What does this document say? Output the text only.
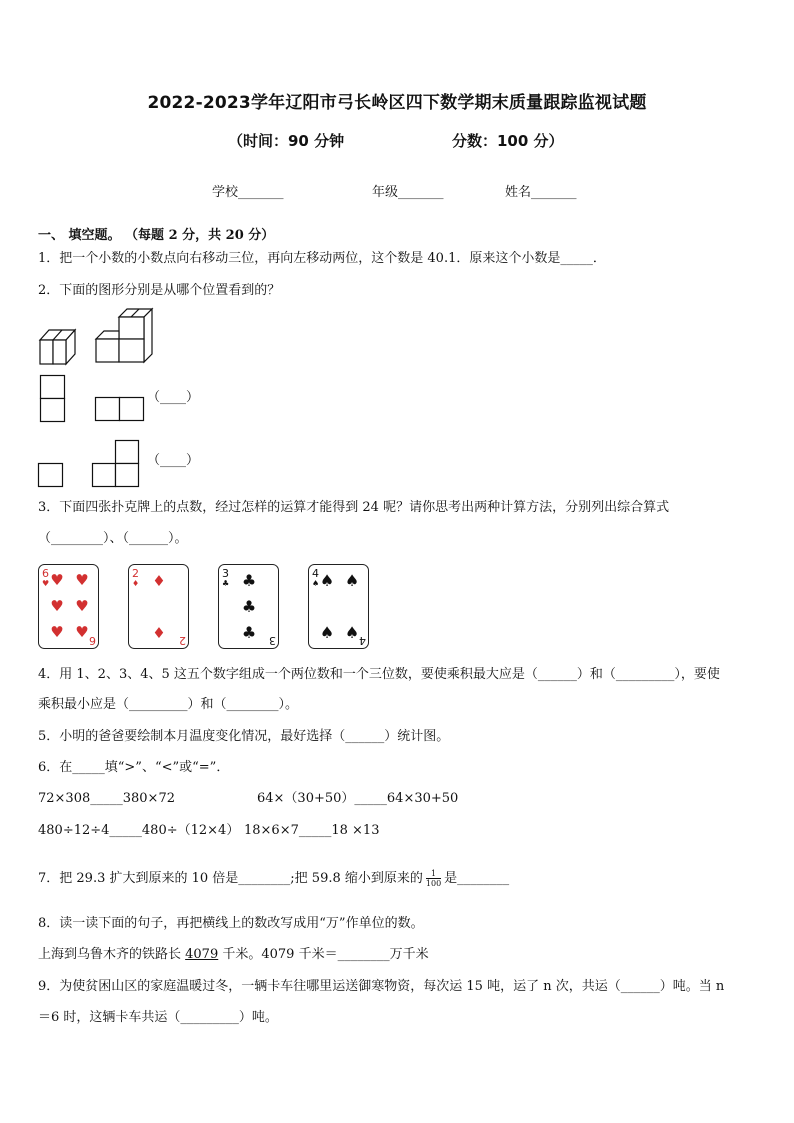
2022-2023学年辽阳市弓长岭区四下数学期末质量跟踪监视试题
（时间：90 分钟	分数：100 分）
学校_______	年级_______	姓名_______
一、 填空题。 （每题 2 分，共 20 分）
1．把一个小数的小数点向右移动三位，再向左移动两位，这个数是 40.1．原来这个小数是_____．
2．下面的图形分别是从哪个位置看到的？
（____）
（____）
3．下面四张扑克牌上的点数，经过怎样的运算才能得到 24 呢？请你思考出两种计算方法，分别列出综合算式
（________）、（______）。
6
♥ ♥ ♥
♥ ♥
♥ ♥ 6
2
♦ ♦
♦ 2
3
♣ ♣
♣
♣ 3
4
♠ ♠ ♠
♠ ♠ 4
4．用 1、2、3、4、5 这五个数字组成一个两位数和一个三位数，要使乘积最大应是（______）和（_________），要使
乘积最小应是（_________）和（________）。
5．小明的爸爸要绘制本月温度变化情况，最好选择（______）统计图。
6．在_____填“>”、“<”或“=”．
72×308_____380×72	64×（30+50）_____64×30+50
480÷12÷4_____480÷（12×4） 18×6×7_____18 ×13
7．把 29.3 扩大到原来的 10 倍是________;把 59.8 缩小到原来的 $\frac{1}{100}$ 是________
8．读一读下面的句子，再把横线上的数改写成用“万”作单位的数。
上海到乌鲁木齐的铁路长 4079 千米。4079 千米＝________万千米
9．为使贫困山区的家庭温暖过冬，一辆卡车往哪里运送御寒物资，每次运 15 吨，运了 n 次，共运（______）吨。当 n
＝6 时，这辆卡车共运（_________）吨。
